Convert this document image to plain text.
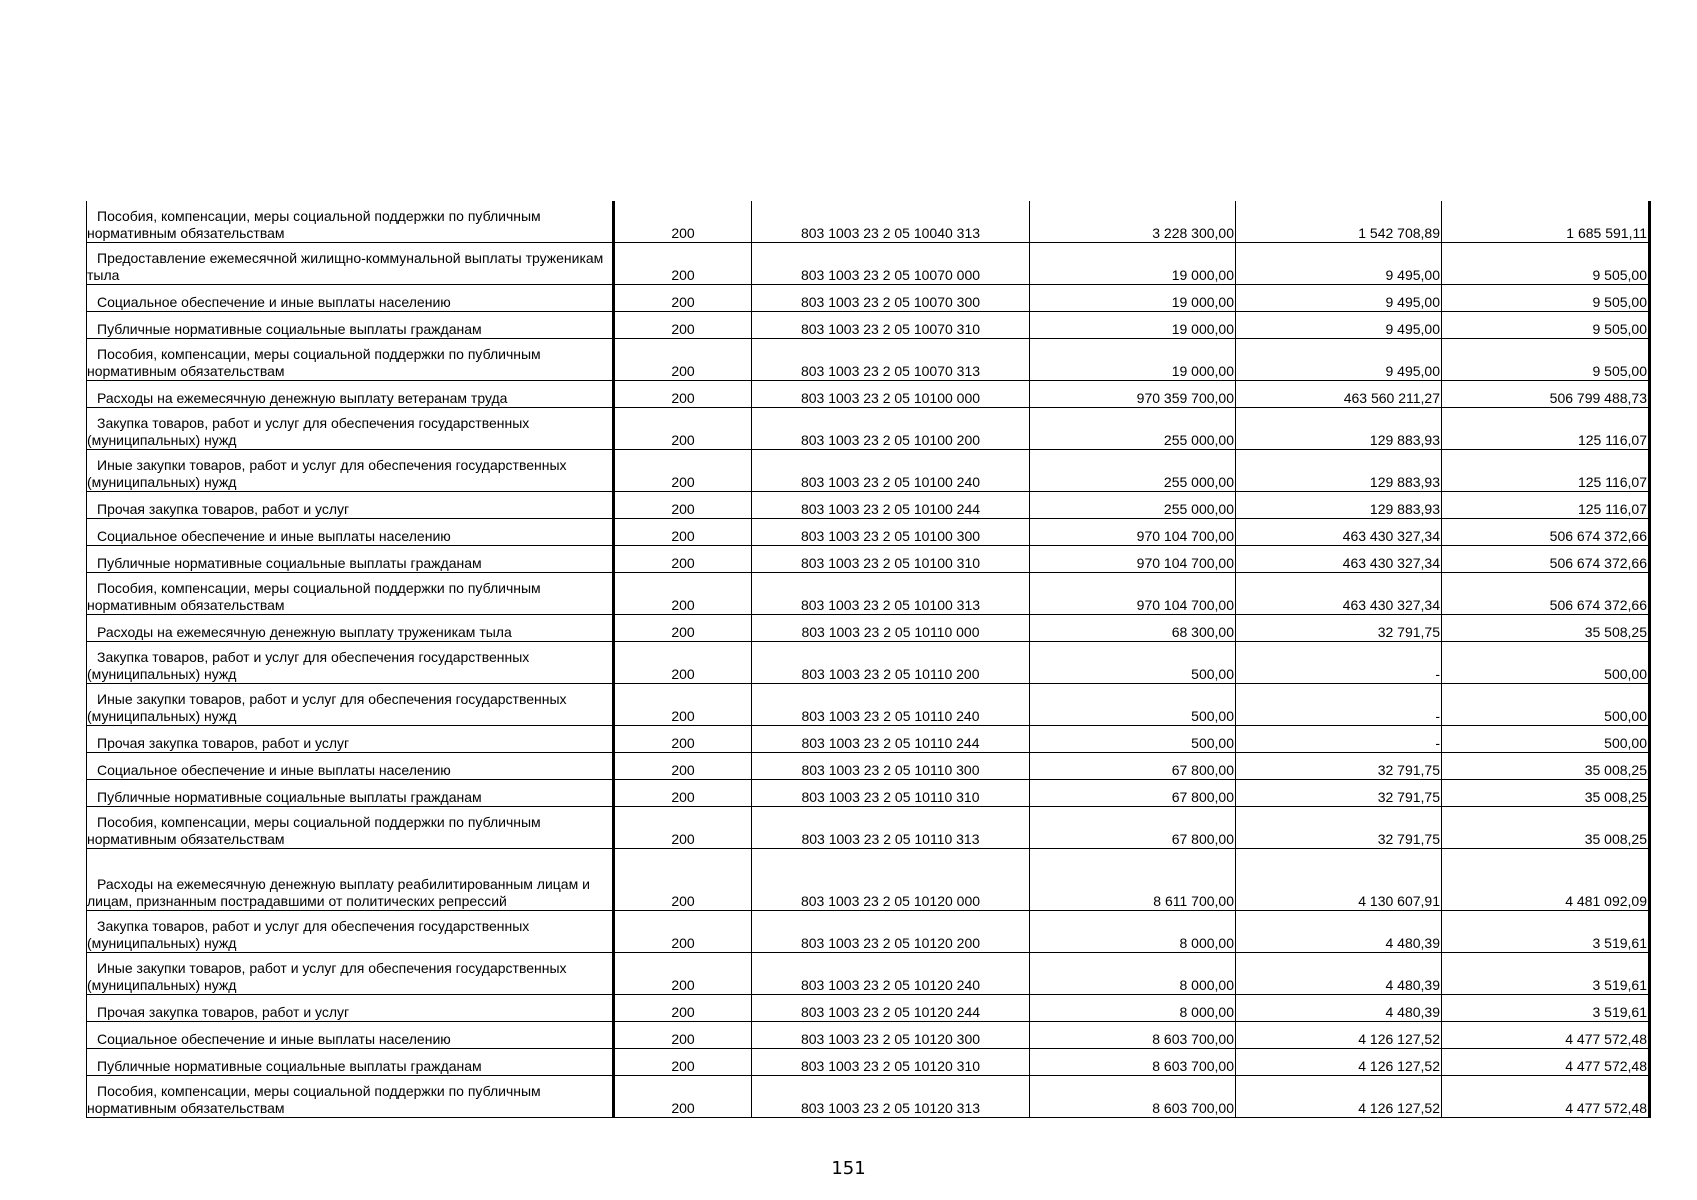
Пособия, компенсации, меры социальной поддержки по публичным нормативным обязательствам	200	803 1003 23 2 05 10040 313	3 228 300,00	1 542 708,89	1 685 591,11
Предоставление ежемесячной жилищно-коммунальной выплаты труженикам тыла	200	803 1003 23 2 05 10070 000	19 000,00	9 495,00	9 505,00
Социальное обеспечение и иные выплаты населению	200	803 1003 23 2 05 10070 300	19 000,00	9 495,00	9 505,00
Публичные нормативные социальные выплаты гражданам	200	803 1003 23 2 05 10070 310	19 000,00	9 495,00	9 505,00
Пособия, компенсации, меры социальной поддержки по публичным нормативным обязательствам	200	803 1003 23 2 05 10070 313	19 000,00	9 495,00	9 505,00
Расходы на ежемесячную денежную выплату ветеранам труда	200	803 1003 23 2 05 10100 000	970 359 700,00	463 560 211,27	506 799 488,73
Закупка товаров, работ и услуг для обеспечения государственных (муниципальных) нужд	200	803 1003 23 2 05 10100 200	255 000,00	129 883,93	125 116,07
Иные закупки товаров, работ и услуг для обеспечения государственных (муниципальных) нужд	200	803 1003 23 2 05 10100 240	255 000,00	129 883,93	125 116,07
Прочая закупка товаров, работ и услуг	200	803 1003 23 2 05 10100 244	255 000,00	129 883,93	125 116,07
Социальное обеспечение и иные выплаты населению	200	803 1003 23 2 05 10100 300	970 104 700,00	463 430 327,34	506 674 372,66
Публичные нормативные социальные выплаты гражданам	200	803 1003 23 2 05 10100 310	970 104 700,00	463 430 327,34	506 674 372,66
Пособия, компенсации, меры социальной поддержки по публичным нормативным обязательствам	200	803 1003 23 2 05 10100 313	970 104 700,00	463 430 327,34	506 674 372,66
Расходы на ежемесячную денежную выплату труженикам тыла	200	803 1003 23 2 05 10110 000	68 300,00	32 791,75	35 508,25
Закупка товаров, работ и услуг для обеспечения государственных (муниципальных) нужд	200	803 1003 23 2 05 10110 200	500,00	-	500,00
Иные закупки товаров, работ и услуг для обеспечения государственных (муниципальных) нужд	200	803 1003 23 2 05 10110 240	500,00	-	500,00
Прочая закупка товаров, работ и услуг	200	803 1003 23 2 05 10110 244	500,00	-	500,00
Социальное обеспечение и иные выплаты населению	200	803 1003 23 2 05 10110 300	67 800,00	32 791,75	35 008,25
Публичные нормативные социальные выплаты гражданам	200	803 1003 23 2 05 10110 310	67 800,00	32 791,75	35 008,25
Пособия, компенсации, меры социальной поддержки по публичным нормативным обязательствам	200	803 1003 23 2 05 10110 313	67 800,00	32 791,75	35 008,25
Расходы на ежемесячную денежную выплату реабилитированным лицам и лицам, признанным пострадавшими от политических репрессий	200	803 1003 23 2 05 10120 000	8 611 700,00	4 130 607,91	4 481 092,09
Закупка товаров, работ и услуг для обеспечения государственных (муниципальных) нужд	200	803 1003 23 2 05 10120 200	8 000,00	4 480,39	3 519,61
Иные закупки товаров, работ и услуг для обеспечения государственных (муниципальных) нужд	200	803 1003 23 2 05 10120 240	8 000,00	4 480,39	3 519,61
Прочая закупка товаров, работ и услуг	200	803 1003 23 2 05 10120 244	8 000,00	4 480,39	3 519,61
Социальное обеспечение и иные выплаты населению	200	803 1003 23 2 05 10120 300	8 603 700,00	4 126 127,52	4 477 572,48
Публичные нормативные социальные выплаты гражданам	200	803 1003 23 2 05 10120 310	8 603 700,00	4 126 127,52	4 477 572,48
Пособия, компенсации, меры социальной поддержки по публичным нормативным обязательствам	200	803 1003 23 2 05 10120 313	8 603 700,00	4 126 127,52	4 477 572,48
151
